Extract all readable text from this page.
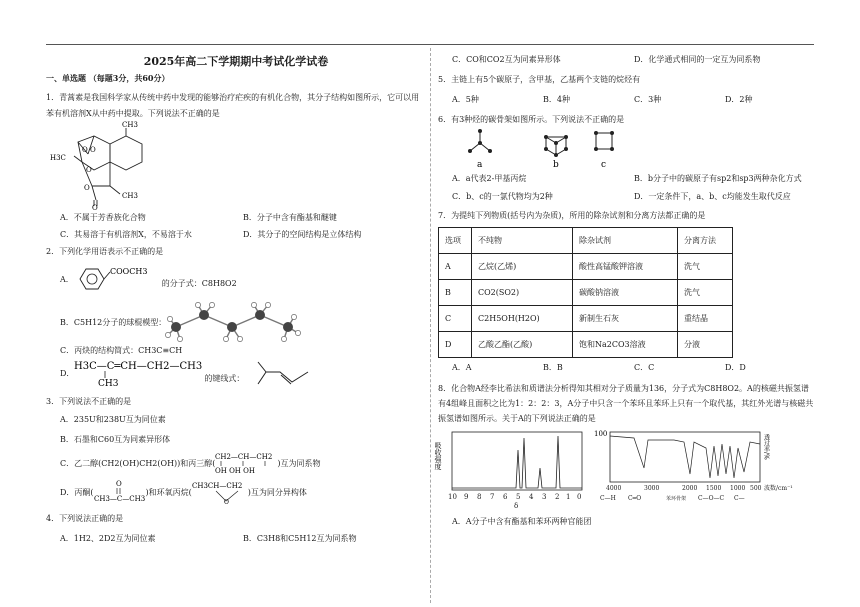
2025年高二下学期期中考试化学试卷
一、单选题 （每题3分，共60分）
1．青蒿素是我国科学家从传统中药中发现的能够治疗疟疾的有机化合物，其分子结构如图所示，它可以用苯有机溶剂X从中药中提取。下列说法不正确的是
CH3
H3C
O O
O
O
CH3
O
A．不属于芳香族化合物	B．分子中含有酯基和醚键
C．其易溶于有机溶剂X，不易溶于水	D．其分子的空间结构是立体结构
2．下列化学用语表示不正确的是
A．
COOCH3
的分子式：C8H8O2
B．C5H12分子的球棍模型：
C．丙炔的结构简式：CH3C≡CH
D．
H3C—C═CH—CH2—CH3
CH3
的键线式：
3．下列说法不正确的是
A．235U和238U互为同位素
B．石墨和C60互为同素异形体
C．乙二醇(CH2(OH)CH2(OH))和丙三醇(
CH2—CH—CH2
OH OH OH
)互为同系物
D．丙酮(
O
CH3—C—CH3
)和环氧丙烷(
CH3CH—CH2
O
)互为同分异构体
4．下列说法正确的是
A．1H2、2D2互为同位素	B．C3H8和C5H12互为同系物
C．CO和CO2互为同素异形体	D．化学通式相同的一定互为同系物
5．主链上有5个碳原子，含甲基，乙基两个支链的烷烃有
A．5种	B．4种	C．3种	D．2种
6．有3种烃的碳骨架如图所示。下列说法不正确的是
a	b	c
A．a代表2-甲基丙烷	B．b分子中的碳原子有sp2和sp3两种杂化方式
C．b、c的一氯代物均为2种	D．一定条件下，a、b、c均能发生取代反应
7．为提纯下列物质(括号内为杂质)，所用的除杂试剂和分离方法都正确的是
选项	不纯物	除杂试剂	分离方法
A	乙烷(乙烯)	酸性高锰酸钾溶液	洗气
B	CO2(SO2)	碳酸钠溶液	洗气
C	C2H5OH(H2O)	新制生石灰	重结晶
D	乙酸乙酯(乙酸)	饱和Na2CO3溶液	分液
A．A	B．B	C．C	D．D
8．化合物A经李比希法和质谱法分析得知其相对分子质量为136，分子式为C8H8O2。A的核磁共振氢谱有4组峰且面积之比为1：2：2：3，A分子中只含一个苯环且苯环上只有一个取代基，其红外光谱与核磁共振氢谱如图所示。关于A的下列说法正确的是
吸收强度
10 9 8 7 6 5 4 3 2 1 0
δ
100	透过率/%
4000	3000	2000 1500 1000 500 波数/cm⁻¹
C—H C═O	苯环骨架 C—O—C C—
A．A分子中含有酯基和苯环两种官能团
